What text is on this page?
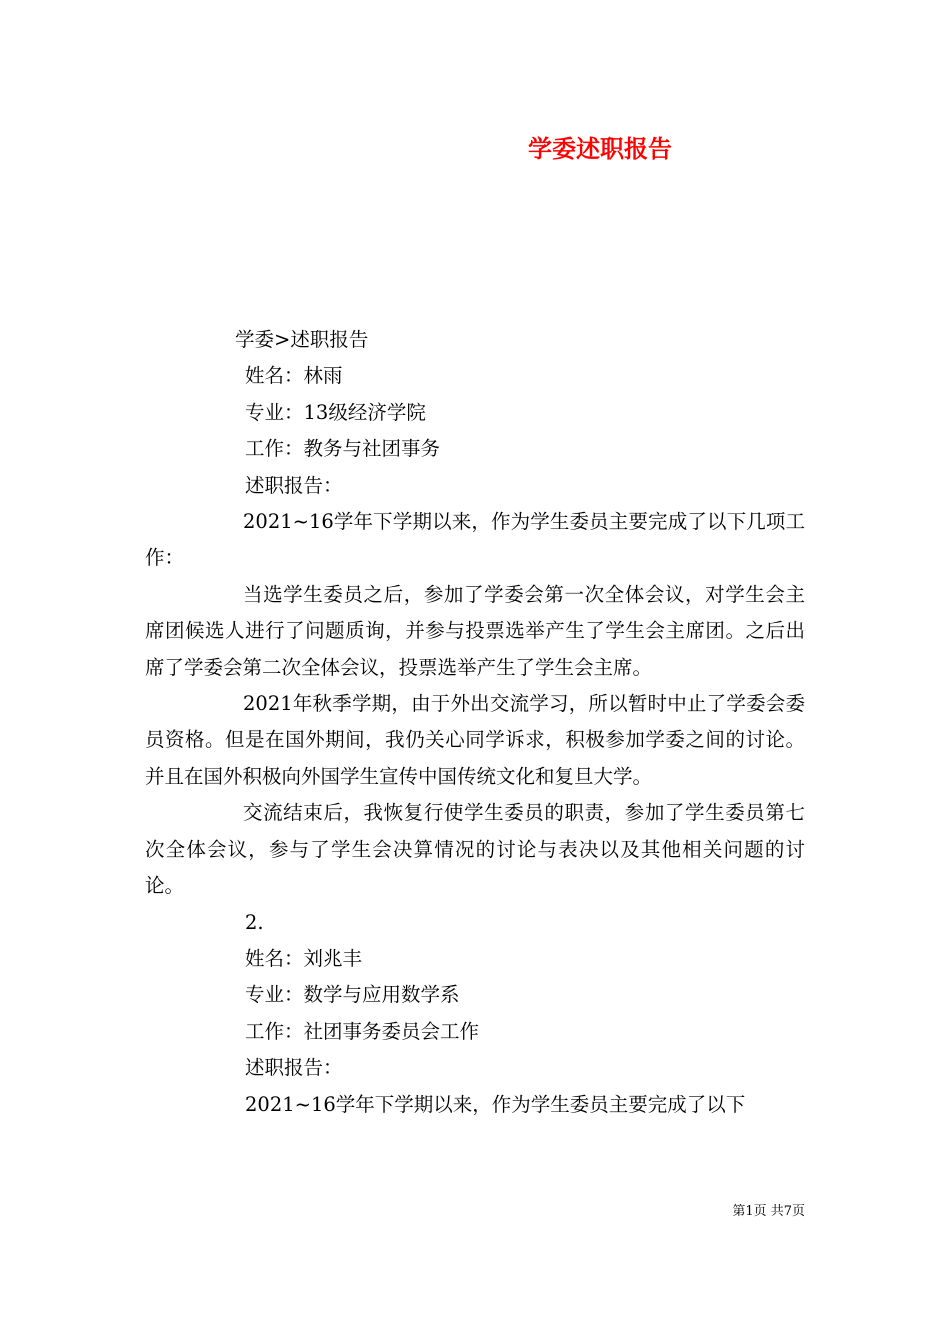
学委述职报告

学委>述职报告

姓名：林雨

专业：13级经济学院

工作：教务与社团事务

述职报告：

2021~16学年下学期以来，作为学生委员主要完成了以下几项工作：

当选学生委员之后，参加了学委会第一次全体会议，对学生会主席团候选人进行了问题质询，并参与投票选举产生了学生会主席团。之后出席了学委会第二次全体会议，投票选举产生了学生会主席。

2021年秋季学期，由于外出交流学习，所以暂时中止了学委会委员资格。但是在国外期间，我仍关心同学诉求，积极参加学委之间的讨论。并且在国外积极向外国学生宣传中国传统文化和复旦大学。

交流结束后，我恢复行使学生委员的职责，参加了学生委员第七次全体会议，参与了学生会决算情况的讨论与表决以及其他相关问题的讨论。

2.

姓名：刘兆丰

专业：数学与应用数学系

工作：社团事务委员会工作

述职报告：

2021~16学年下学期以来，作为学生委员主要完成了以下

第1页 共7页
